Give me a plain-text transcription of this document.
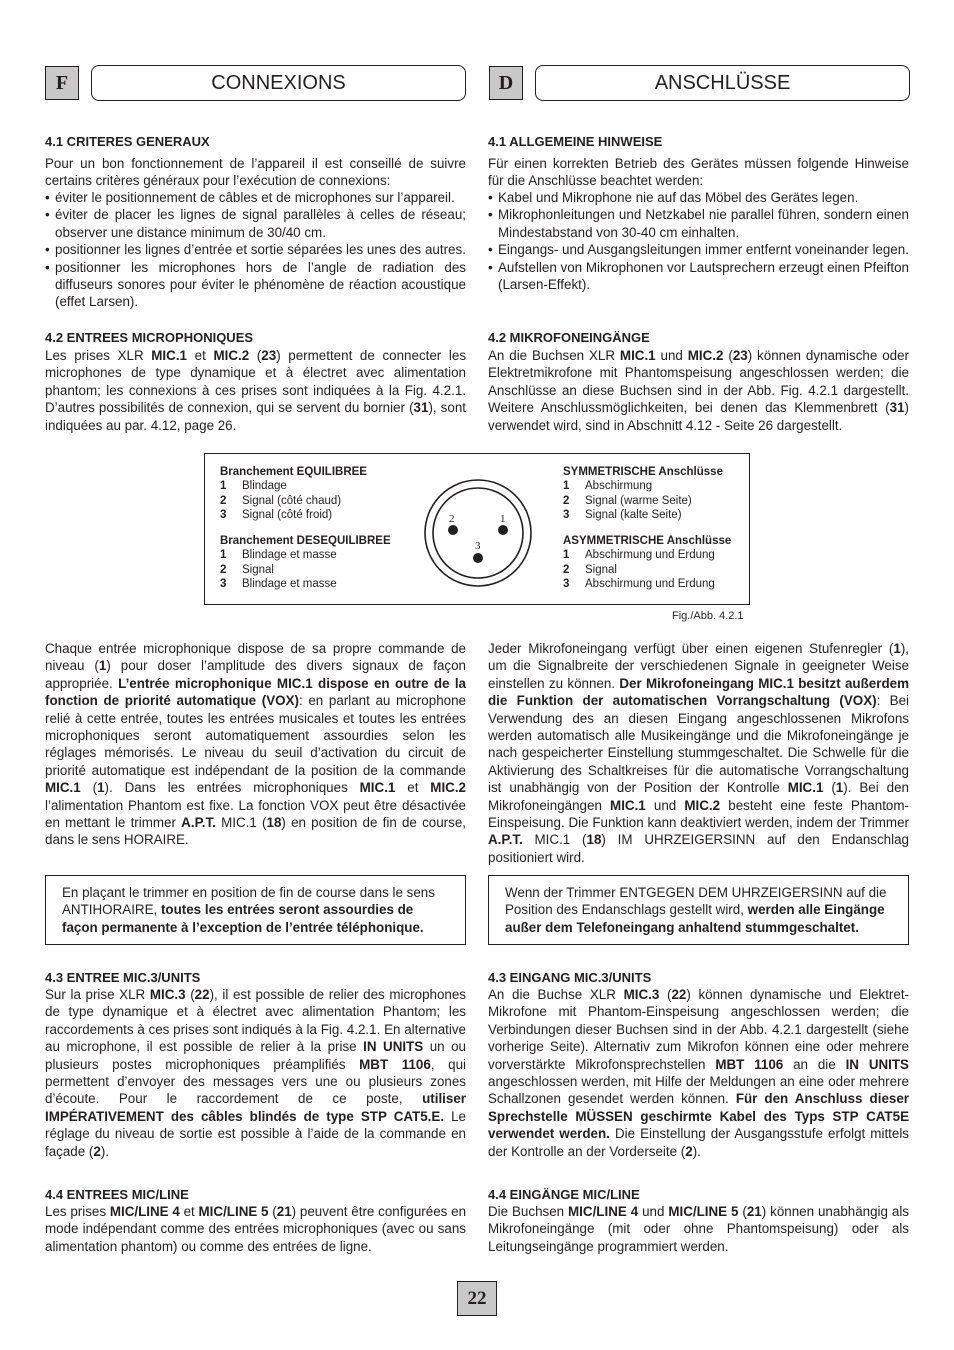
F	CONNEXIONS	D	ANSCHLÜSSE
4.1 CRITERES GENERAUX
Pour un bon fonctionnement de l’appareil il est conseillé de suivre certains critères généraux pour l’exécution de connexions:
• éviter le positionnement de câbles et de microphones sur l’appareil.
• éviter de placer les lignes de signal parallèles à celles de réseau; observer une distance minimum de 30/40 cm.
• positionner les lignes d’entrée et sortie séparées les unes des autres.
• positionner les microphones hors de l’angle de radiation des diffuseurs sonores pour éviter le phénomène de réaction acoustique (effet Larsen).
4.2 ENTREES MICROPHONIQUES
Les prises XLR MIC.1 et MIC.2 (23) permettent de connecter les microphones de type dynamique et à électret avec alimentation phantom; les connexions à ces prises sont indiquées à la Fig. 4.2.1. D’autres possibilités de connexion, qui se servent du bornier (31), sont indiquées au par. 4.12, page 26.
Chaque entrée microphonique dispose de sa propre commande de niveau (1) pour doser l’amplitude des divers signaux de façon appropriée. L’entrée microphonique MIC.1 dispose en outre de la fonction de priorité automatique (VOX): en parlant au microphone relié à cette entrée, toutes les entrées musicales et toutes les entrées microphoniques seront automatiquement assourdies selon les réglages mémorisés. Le niveau du seuil d’activation du circuit de priorité automatique est indépendant de la position de la commande MIC.1 (1). Dans les entrées microphoniques MIC.1 et MIC.2 l’alimentation Phantom est fixe. La fonction VOX peut être désactivée en mettant le trimmer A.P.T. MIC.1 (18) en position de fin de course, dans le sens HORAIRE.
En plaçant le trimmer en position de fin de course dans le sens ANTIHORAIRE, toutes les entrées seront assourdies de façon permanente à l’exception de l’entrée téléphonique.
4.3 ENTREE MIC.3/UNITS
Sur la prise XLR MIC.3 (22), il est possible de relier des microphones de type dynamique et à électret avec alimentation Phantom; les raccordements à ces prises sont indiqués à la Fig. 4.2.1. En alternative au microphone, il est possible de relier à la prise IN UNITS un ou plusieurs postes microphoniques préamplifiés MBT 1106, qui permettent d’envoyer des messages vers une ou plusieurs zones d’écoute. Pour le raccordement de ce poste, utiliser IMPÉRATIVEMENT des câbles blindés de type STP CAT5.E. Le réglage du niveau de sortie est possible à l’aide de la commande en façade (2).
4.4 ENTREES MIC/LINE
Les prises MIC/LINE 4 et MIC/LINE 5 (21) peuvent être configurées en mode indépendant comme des entrées microphoniques (avec ou sans alimentation phantom) ou comme des entrées de ligne.
4.1 ALLGEMEINE HINWEISE
Für einen korrekten Betrieb des Gerätes müssen folgende Hinweise für die Anschlüsse beachtet werden:
• Kabel und Mikrophone nie auf das Möbel des Gerätes legen.
• Mikrophonleitungen und Netzkabel nie parallel führen, sondern einen Mindestabstand von 30-40 cm einhalten.
• Eingangs- und Ausgangsleitungen immer entfernt voneinander legen.
• Aufstellen von Mikrophonen vor Lautsprechern erzeugt einen Pfeifton (Larsen-Effekt).
4.2 MIKROFONEINGÄNGE
An die Buchsen XLR MIC.1 und MIC.2 (23) können dynamische oder Elektretmikrofone mit Phantomspeisung angeschlossen werden; die Anschlüsse an diese Buchsen sind in der Abb. Fig. 4.2.1 dargestellt. Weitere Anschlussmöglichkeiten, bei denen das Klemmenbrett (31) verwendet wird, sind in Abschnitt 4.12 - Seite 26 dargestellt.
Jeder Mikrofoneingang verfügt über einen eigenen Stufenregler (1), um die Signalbreite der verschiedenen Signale in geeigneter Weise einstellen zu können. Der Mikrofoneingang MIC.1 besitzt außerdem die Funktion der automatischen Vorrangschaltung (VOX): Bei Verwendung des an diesen Eingang angeschlossenen Mikrofons werden automatisch alle Musikeingänge und die Mikrofoneingänge je nach gespeicherter Einstellung stummgeschaltet. Die Schwelle für die Aktivierung des Schaltkreises für die automatische Vorrangschaltung ist unabhängig von der Position der Kontrolle MIC.1 (1). Bei den Mikrofoneingängen MIC.1 und MIC.2 besteht eine feste Phantom-Einspeisung. Die Funktion kann deaktiviert werden, indem der Trimmer A.P.T. MIC.1 (18) IM UHRZEIGERSINN auf den Endanschlag positioniert wird.
Wenn der Trimmer ENTGEGEN DEM UHRZEIGERSINN auf die Position des Endanschlags gestellt wird, werden alle Eingänge außer dem Telefoneingang anhaltend stummgeschaltet.
4.3 EINGANG MIC.3/UNITS
An die Buchse XLR MIC.3 (22) können dynamische und Elektret-Mikrofone mit Phantom-Einspeisung angeschlossen werden; die Verbindungen dieser Buchsen sind in der Abb. 4.2.1 dargestellt (siehe vorherige Seite). Alternativ zum Mikrofon können eine oder mehrere vorverstärkte Mikrofonsprechstellen MBT 1106 an die IN UNITS angeschlossen werden, mit Hilfe der Meldungen an eine oder mehrere Schallzonen gesendet werden können. Für den Anschluss dieser Sprechstelle MÜSSEN geschirmte Kabel des Typs STP CAT5E verwendet werden. Die Einstellung der Ausgangsstufe erfolgt mittels der Kontrolle an der Vorderseite (2).
4.4 EINGÄNGE MIC/LINE
Die Buchsen MIC/LINE 4 und MIC/LINE 5 (21) können unabhängig als Mikrofoneingänge (mit oder ohne Phantomspeisung) oder als Leitungseingänge programmiert werden.
Branchement EQUILIBREE
1	Blindage
2	Signal (côté chaud)
3	Signal (côté froid)
Branchement DESEQUILIBREE
1	Blindage et masse
2	Signal
3	Blindage et masse
SYMMETRISCHE Anschlüsse
1	Abschirmung
2	Signal (warme Seite)
3	Signal (kalte Seite)
ASYMMETRISCHE Anschlüsse
1	Abschirmung und Erdung
2	Signal
3	Abschirmung und Erdung
2	1
3
Fig./Abb. 4.2.1
22
